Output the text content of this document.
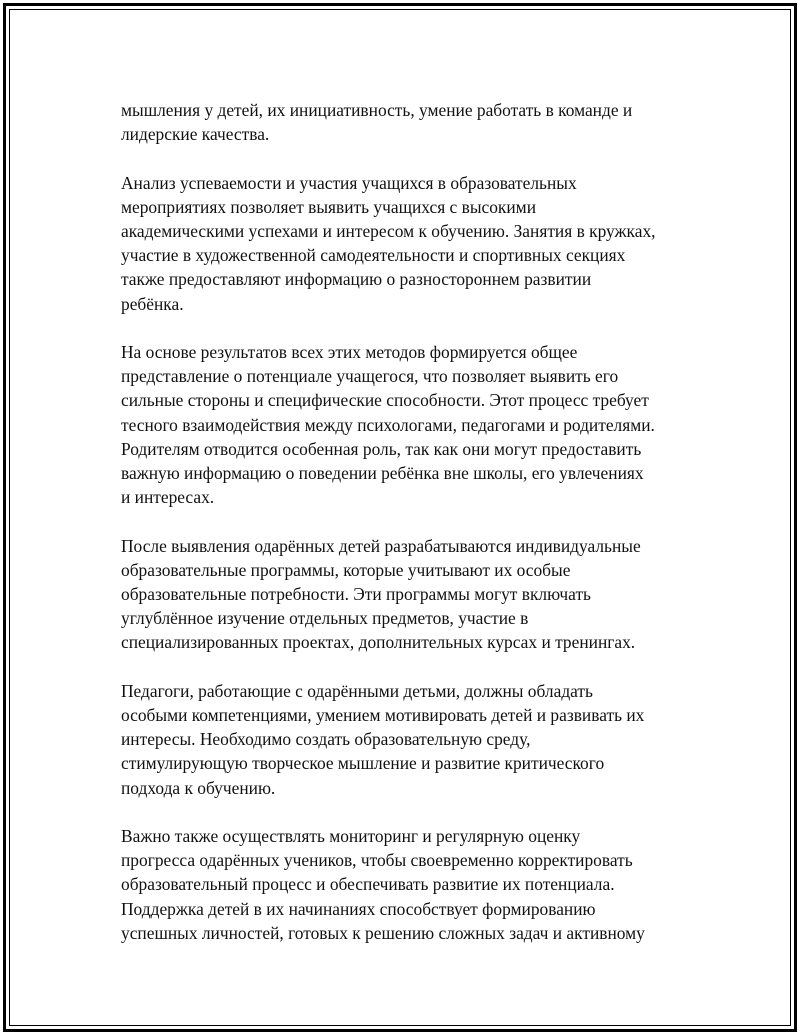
мышления у детей, их инициативность, умение работать в команде и
лидерские качества.

Анализ успеваемости и участия учащихся в образовательных
мероприятиях позволяет выявить учащихся с высокими
академическими успехами и интересом к обучению. Занятия в кружках,
участие в художественной самодеятельности и спортивных секциях
также предоставляют информацию о разностороннем развитии
ребёнка.

На основе результатов всех этих методов формируется общее
представление о потенциале учащегося, что позволяет выявить его
сильные стороны и специфические способности. Этот процесс требует
тесного взаимодействия между психологами, педагогами и родителями.
Родителям отводится особенная роль, так как они могут предоставить
важную информацию о поведении ребёнка вне школы, его увлечениях
и интересах.

После выявления одарённых детей разрабатываются индивидуальные
образовательные программы, которые учитывают их особые
образовательные потребности. Эти программы могут включать
углублённое изучение отдельных предметов, участие в
специализированных проектах, дополнительных курсах и тренингах.

Педагоги, работающие с одарёнными детьми, должны обладать
особыми компетенциями, умением мотивировать детей и развивать их
интересы. Необходимо создать образовательную среду,
стимулирующую творческое мышление и развитие критического
подхода к обучению.

Важно также осуществлять мониторинг и регулярную оценку
прогресса одарённых учеников, чтобы своевременно корректировать
образовательный процесс и обеспечивать развитие их потенциала.
Поддержка детей в их начинаниях способствует формированию
успешных личностей, готовых к решению сложных задач и активному
